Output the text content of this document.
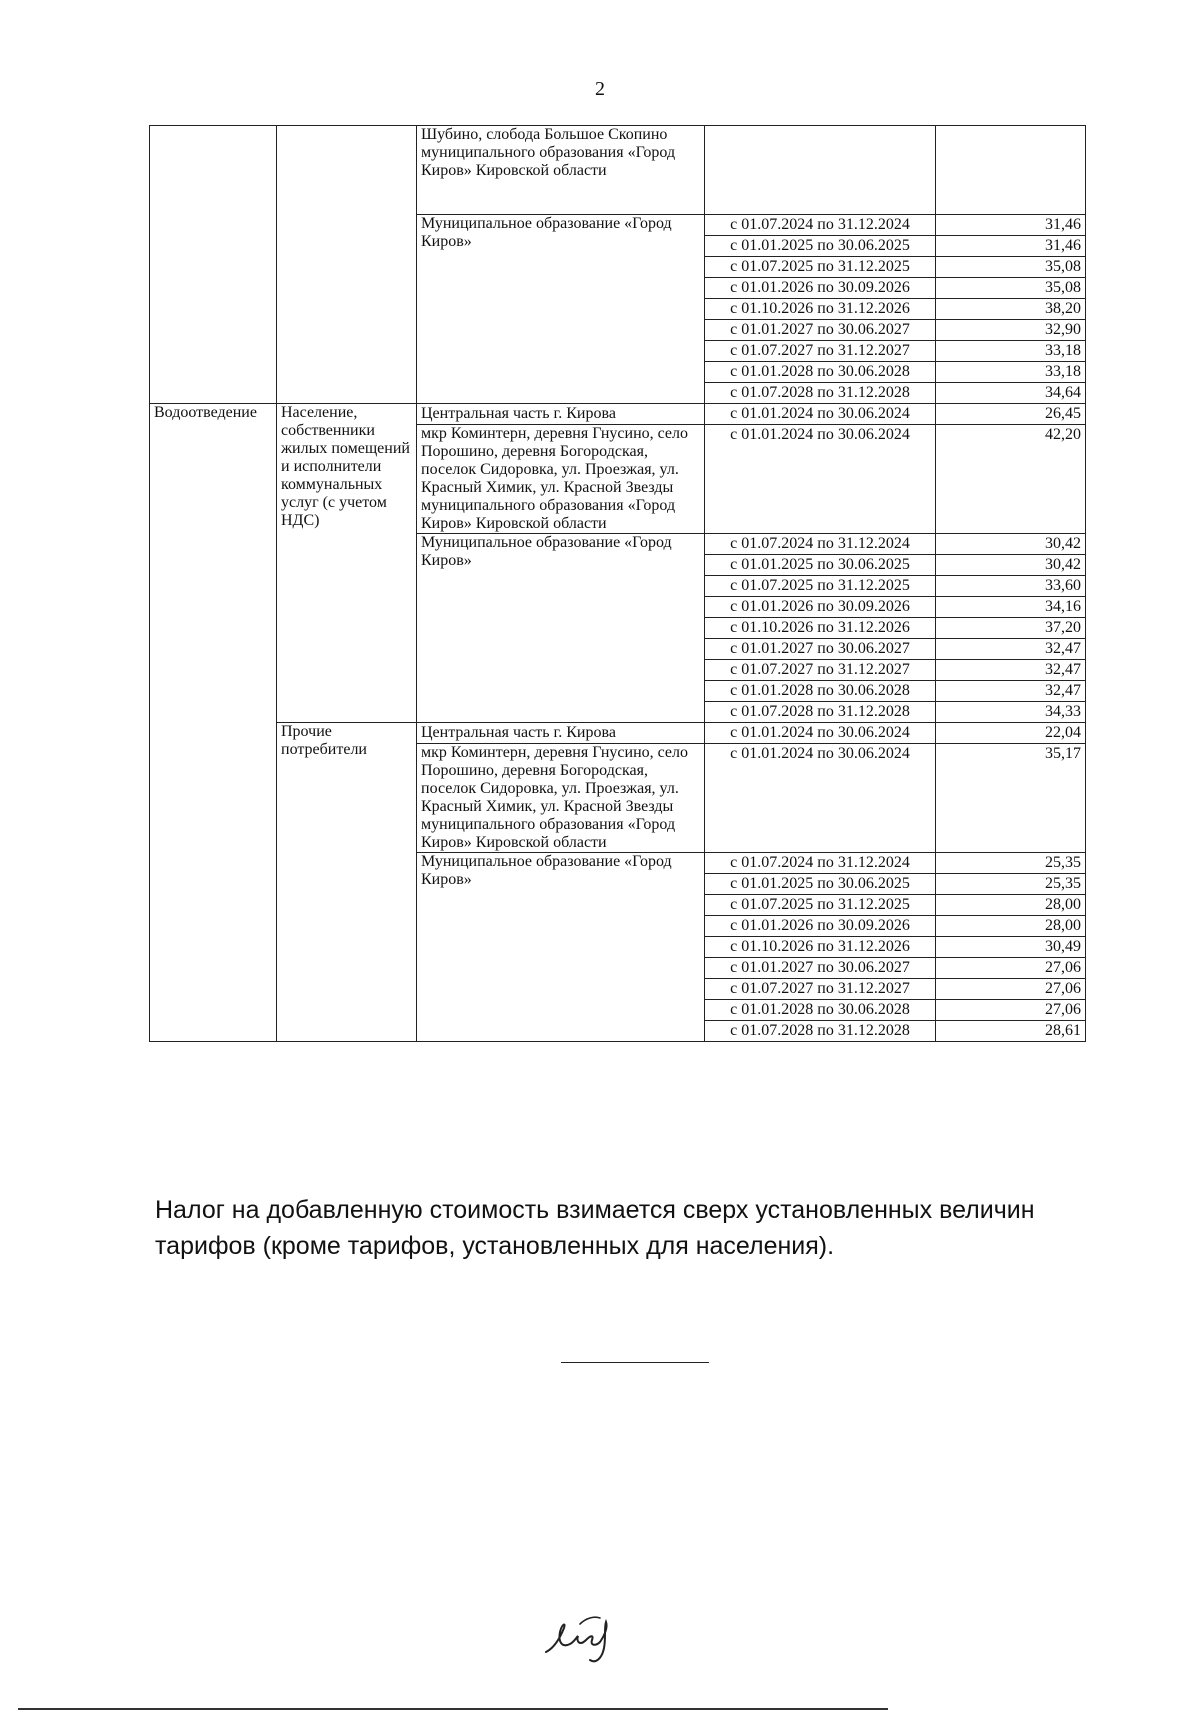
2
		Шубино, слобода Большое Скопино муниципального образования «Город Киров» Кировской области		
		Муниципальное образование «Город Киров»	с 01.07.2024 по 31.12.2024	31,46
			с 01.01.2025 по 30.06.2025	31,46
			с 01.07.2025 по 31.12.2025	35,08
			с 01.01.2026 по 30.09.2026	35,08
			с 01.10.2026 по 31.12.2026	38,20
			с 01.01.2027 по 30.06.2027	32,90
			с 01.07.2027 по 31.12.2027	33,18
			с 01.01.2028 по 30.06.2028	33,18
			с 01.07.2028 по 31.12.2028	34,64
Водоотведение	Население, собственники жилых помещений и исполнители коммунальных услуг (с учетом НДС)	Центральная часть г. Кирова	с 01.01.2024 по 30.06.2024	26,45
		мкр Коминтерн, деревня Гнусино, село Порошино, деревня Богородская, поселок Сидоровка, ул. Проезжая, ул. Красный Химик, ул. Красной Звезды муниципального образования «Город Киров» Кировской области	с 01.01.2024 по 30.06.2024	42,20
		Муниципальное образование «Город Киров»	с 01.07.2024 по 31.12.2024	30,42
			с 01.01.2025 по 30.06.2025	30,42
			с 01.07.2025 по 31.12.2025	33,60
			с 01.01.2026 по 30.09.2026	34,16
			с 01.10.2026 по 31.12.2026	37,20
			с 01.01.2027 по 30.06.2027	32,47
			с 01.07.2027 по 31.12.2027	32,47
			с 01.01.2028 по 30.06.2028	32,47
			с 01.07.2028 по 31.12.2028	34,33
	Прочие потребители	Центральная часть г. Кирова	с 01.01.2024 по 30.06.2024	22,04
		мкр Коминтерн, деревня Гнусино, село Порошино, деревня Богородская, поселок Сидоровка, ул. Проезжая, ул. Красный Химик, ул. Красной Звезды муниципального образования «Город Киров» Кировской области	с 01.01.2024 по 30.06.2024	35,17
		Муниципальное образование «Город Киров»	с 01.07.2024 по 31.12.2024	25,35
			с 01.01.2025 по 30.06.2025	25,35
			с 01.07.2025 по 31.12.2025	28,00
			с 01.01.2026 по 30.09.2026	28,00
			с 01.10.2026 по 31.12.2026	30,49
			с 01.01.2027 по 30.06.2027	27,06
			с 01.07.2027 по 31.12.2027	27,06
			с 01.01.2028 по 30.06.2028	27,06
			с 01.07.2028 по 31.12.2028	28,61
Налог на добавленную стоимость взимается сверх установленных величин тарифов (кроме тарифов, установленных для населения).
